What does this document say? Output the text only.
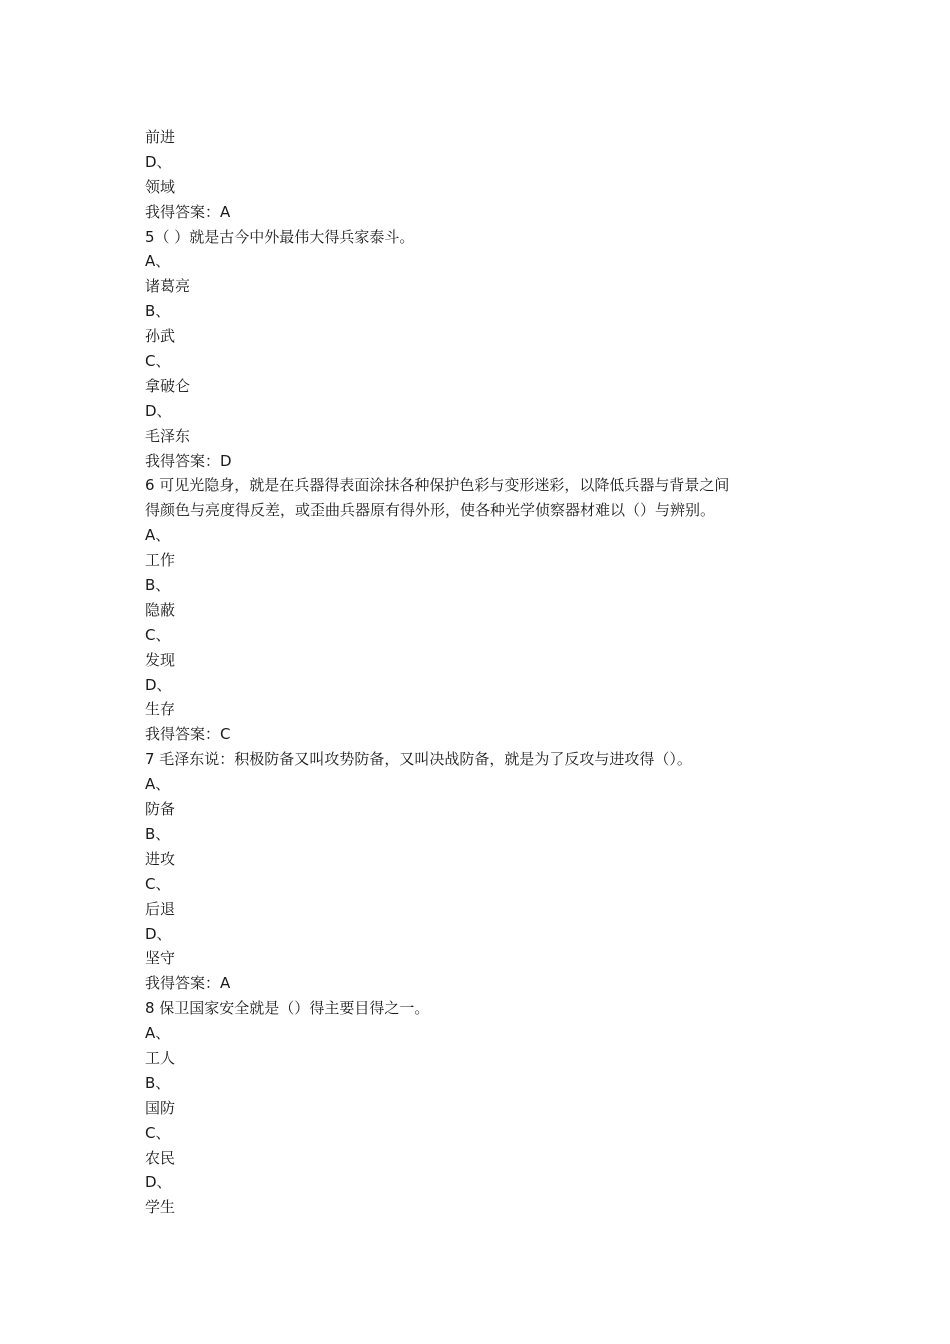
前进
D、
领域
我得答案：A
5（ ）就是古今中外最伟大得兵家泰斗。
A、
诸葛亮
B、
孙武
C、
拿破仑
D、
毛泽东
我得答案：D
6 可见光隐身，就是在兵器得表面涂抹各种保护色彩与变形迷彩，以降低兵器与背景之间
得颜色与亮度得反差，或歪曲兵器原有得外形，使各种光学侦察器材难以（）与辨别。
A、
工作
B、
隐蔽
C、
发现
D、
生存
我得答案：C
7 毛泽东说：积极防备又叫攻势防备，又叫决战防备，就是为了反攻与进攻得（）。
A、
防备
B、
进攻
C、
后退
D、
坚守
我得答案：A
8 保卫国家安全就是（）得主要目得之一。
A、
工人
B、
国防
C、
农民
D、
学生
